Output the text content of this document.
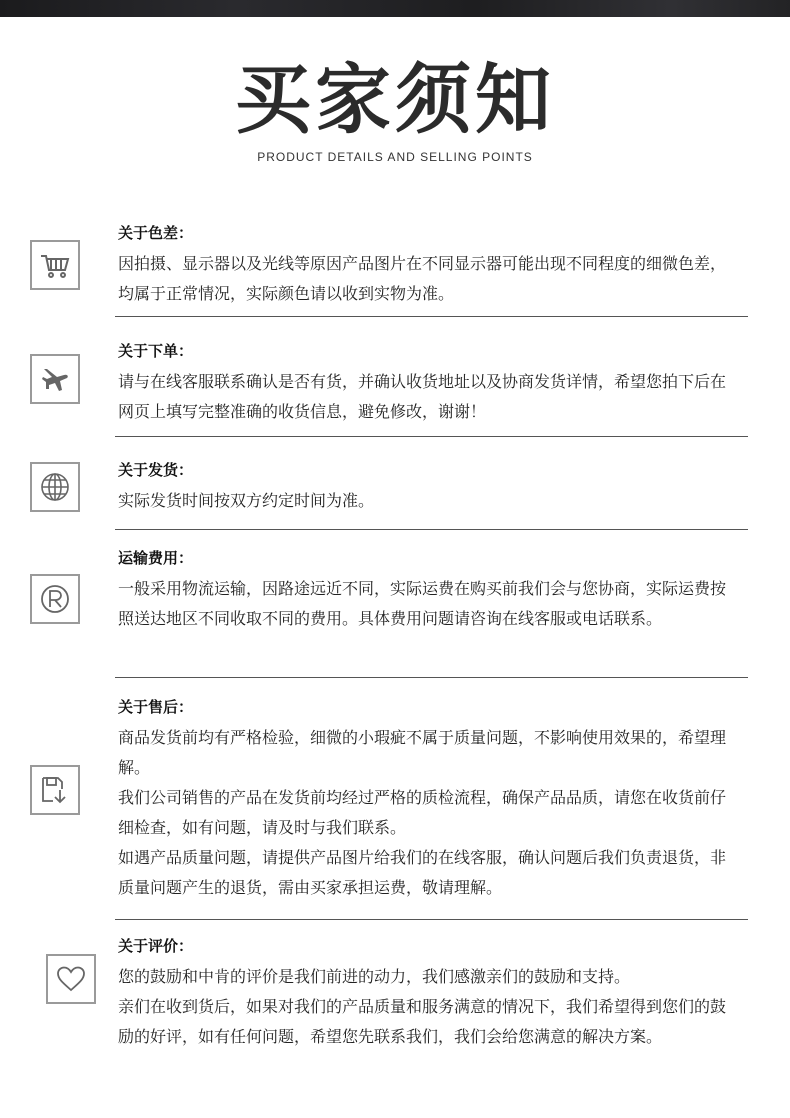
买家须知
PRODUCT DETAILS AND SELLING POINTS
关于色差：
因拍摄、显示器以及光线等原因产品图片在不同显示器可能出现不同程度的细微色差，均属于正常情况，实际颜色请以收到实物为准。
关于下单：
请与在线客服联系确认是否有货，并确认收货地址以及协商发货详情，希望您拍下后在网页上填写完整准确的收货信息，避免修改，谢谢！
关于发货：
实际发货时间按双方约定时间为准。
运输费用：
一般采用物流运输，因路途远近不同，实际运费在购买前我们会与您协商，实际运费按照送达地区不同收取不同的费用。具体费用问题请咨询在线客服或电话联系。
关于售后：
商品发货前均有严格检验，细微的小瑕疵不属于质量问题，不影响使用效果的，希望理解。
我们公司销售的产品在发货前均经过严格的质检流程，确保产品品质，请您在收货前仔细检查，如有问题，请及时与我们联系。
如遇产品质量问题，请提供产品图片给我们的在线客服，确认问题后我们负责退货，非质量问题产生的退货，需由买家承担运费，敬请理解。
关于评价：
您的鼓励和中肯的评价是我们前进的动力，我们感激亲们的鼓励和支持。
亲们在收到货后，如果对我们的产品质量和服务满意的情况下，我们希望得到您们的鼓励的好评，如有任何问题，希望您先联系我们，我们会给您满意的解决方案。
